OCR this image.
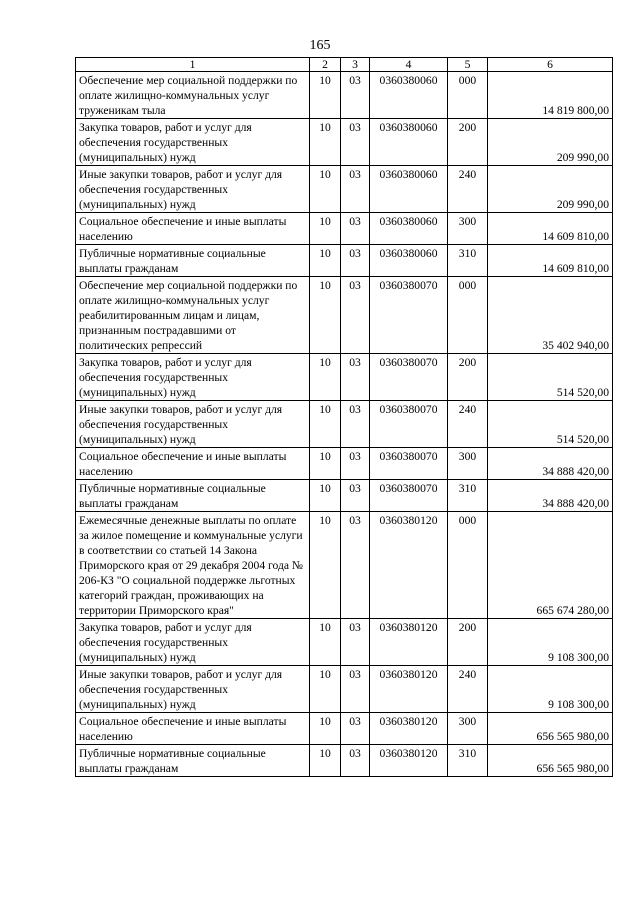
165
1	2	3	4	5	6
Обеспечение мер социальной поддержки по оплате жилищно-коммунальных услуг труженикам тыла	10	03	0360380060	000	14 819 800,00
Закупка товаров, работ и услуг для обеспечения государственных (муниципальных) нужд	10	03	0360380060	200	209 990,00
Иные закупки товаров, работ и услуг для обеспечения государственных (муниципальных) нужд	10	03	0360380060	240	209 990,00
Социальное обеспечение и иные выплаты населению	10	03	0360380060	300	14 609 810,00
Публичные нормативные социальные выплаты гражданам	10	03	0360380060	310	14 609 810,00
Обеспечение мер социальной поддержки по оплате жилищно-коммунальных услуг реабилитированным лицам и лицам, признанным пострадавшими от политических репрессий	10	03	0360380070	000	35 402 940,00
Закупка товаров, работ и услуг для обеспечения государственных (муниципальных) нужд	10	03	0360380070	200	514 520,00
Иные закупки товаров, работ и услуг для обеспечения государственных (муниципальных) нужд	10	03	0360380070	240	514 520,00
Социальное обеспечение и иные выплаты населению	10	03	0360380070	300	34 888 420,00
Публичные нормативные социальные выплаты гражданам	10	03	0360380070	310	34 888 420,00
Ежемесячные денежные выплаты по оплате за жилое помещение и коммунальные услуги в соответствии со статьей 14 Закона Приморского края от 29 декабря 2004 года № 206-КЗ "О социальной поддержке льготных категорий граждан, проживающих на территории Приморского края"	10	03	0360380120	000	665 674 280,00
Закупка товаров, работ и услуг для обеспечения государственных (муниципальных) нужд	10	03	0360380120	200	9 108 300,00
Иные закупки товаров, работ и услуг для обеспечения государственных (муниципальных) нужд	10	03	0360380120	240	9 108 300,00
Социальное обеспечение и иные выплаты населению	10	03	0360380120	300	656 565 980,00
Публичные нормативные социальные выплаты гражданам	10	03	0360380120	310	656 565 980,00
